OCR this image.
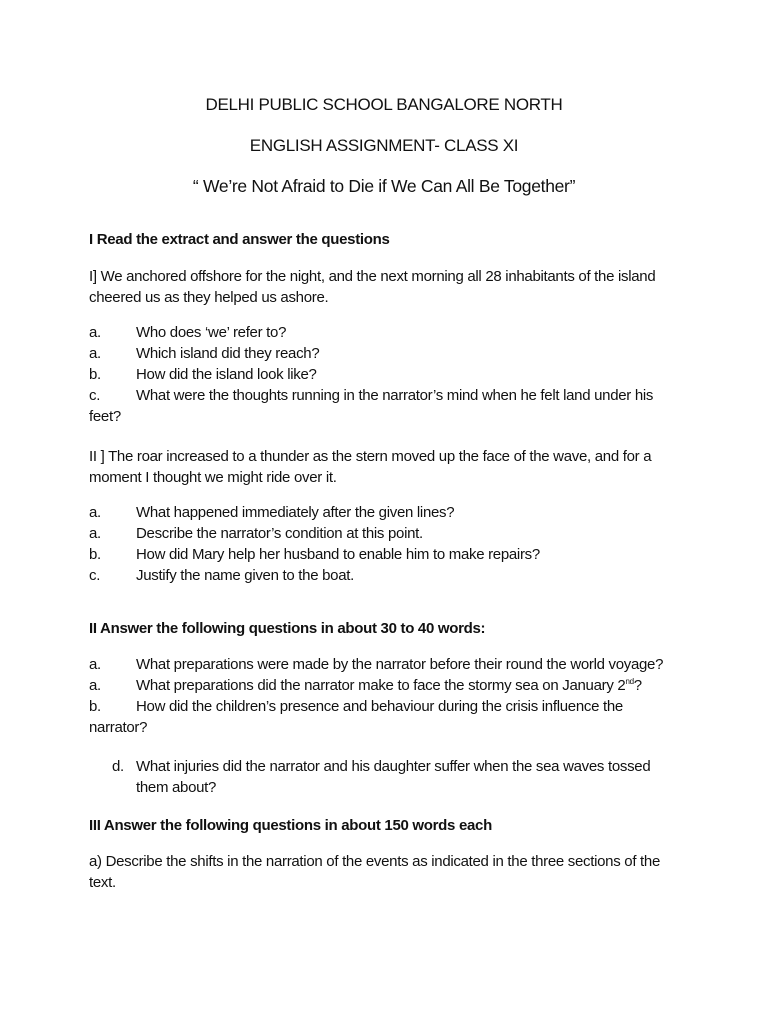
DELHI PUBLIC SCHOOL BANGALORE NORTH
ENGLISH ASSIGNMENT- CLASS XI
“ We’re Not Afraid to Die if We Can All Be Together”
I Read the extract and answer the questions
I] We anchored offshore for the night, and the next morning all 28 inhabitants of the island cheered us as they helped us ashore.
a. Who does ‘we’ refer to?
a. Which island did they reach?
b. How did the island look like?
c. What were the thoughts running in the narrator’s mind when he felt land under his feet?
II ] The roar increased to a thunder as the stern moved up the face of the wave, and for a moment I thought we might ride over it.
a. What happened immediately after the given lines?
a. Describe the narrator’s condition at this point.
b. How did Mary help her husband to enable him to make repairs?
c. Justify the name given to the boat.
II Answer the following questions in about 30 to 40 words:
a. What preparations were made by the narrator before their round the world voyage?
a. What preparations did the narrator make to face the stormy sea on January 2nd?
b. How did the children’s presence and behaviour during the crisis influence the narrator?
d. What injuries did the narrator and his daughter suffer when the sea waves tossed them about?
III Answer the following questions in about 150 words each
a) Describe the shifts in the narration of the events as indicated in the three sections of the text.
